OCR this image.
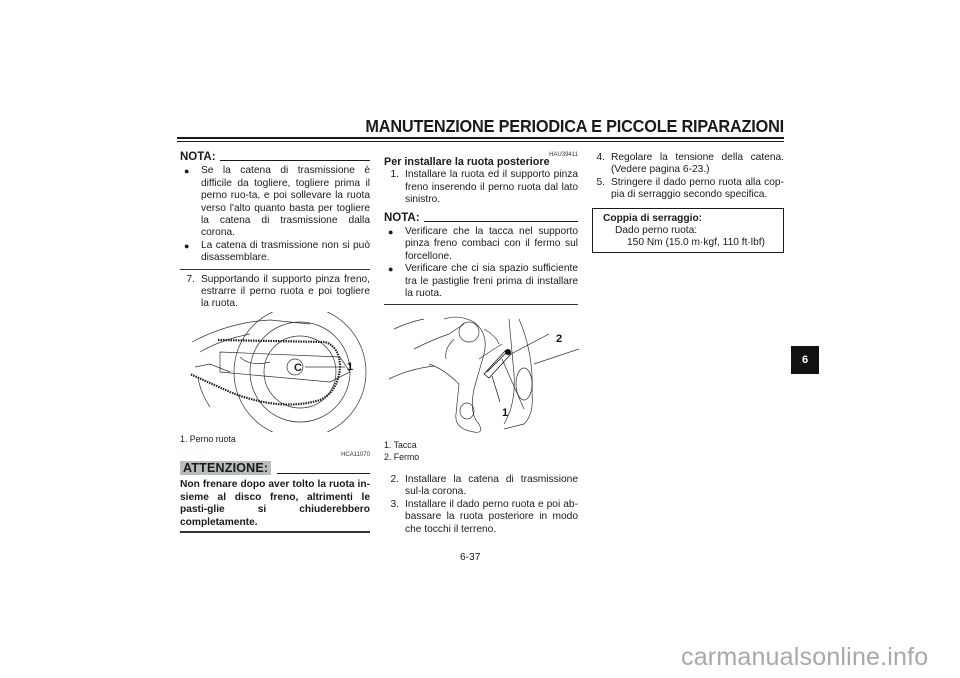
MANUTENZIONE PERIODICA E PICCOLE RIPARAZIONI
NOTA:
●	Se la catena di trasmissione è difficile da togliere, togliere prima il perno ruo-ta, e poi sollevare la ruota verso l'alto quanto basta per togliere la catena di trasmissione dalla corona.
●	La catena di trasmissione non si può disassemblare.
7. Supportando il supporto pinza freno, estrarre il perno ruota e poi togliere la ruota.
C	1
1. Perno ruota
HCA11070
ATTENZIONE:

Non frenare dopo aver tolto la ruota in-sieme al disco freno, altrimenti le pasti-glie si chiuderebbero completamente.

HAU39411
Per installare la ruota posteriore
1. Installare la ruota ed il supporto pinza freno inserendo il perno ruota dal lato sinistro.
NOTA:
●	Verificare che la tacca nel supporto pinza freno combaci con il fermo sul forcellone.
●	Verificare che ci sia spazio sufficiente tra le pastiglie freni prima di installare la ruota.
2
1
1. Tacca
2. Fermo
2. Installare la catena di trasmissione sul-la corona.
3. Installare il dado perno ruota e poi ab-bassare la ruota posteriore in modo che tocchi il terreno.
4. Regolare la tensione della catena. (Vedere pagina 6-23.)
5. Stringere il dado perno ruota alla cop-pia di serraggio secondo specifica.
Coppia di serraggio:
Dado perno ruota:
150 Nm (15.0 m·kgf, 110 ft·lbf)
6
6-37
carmanualsonline.info
